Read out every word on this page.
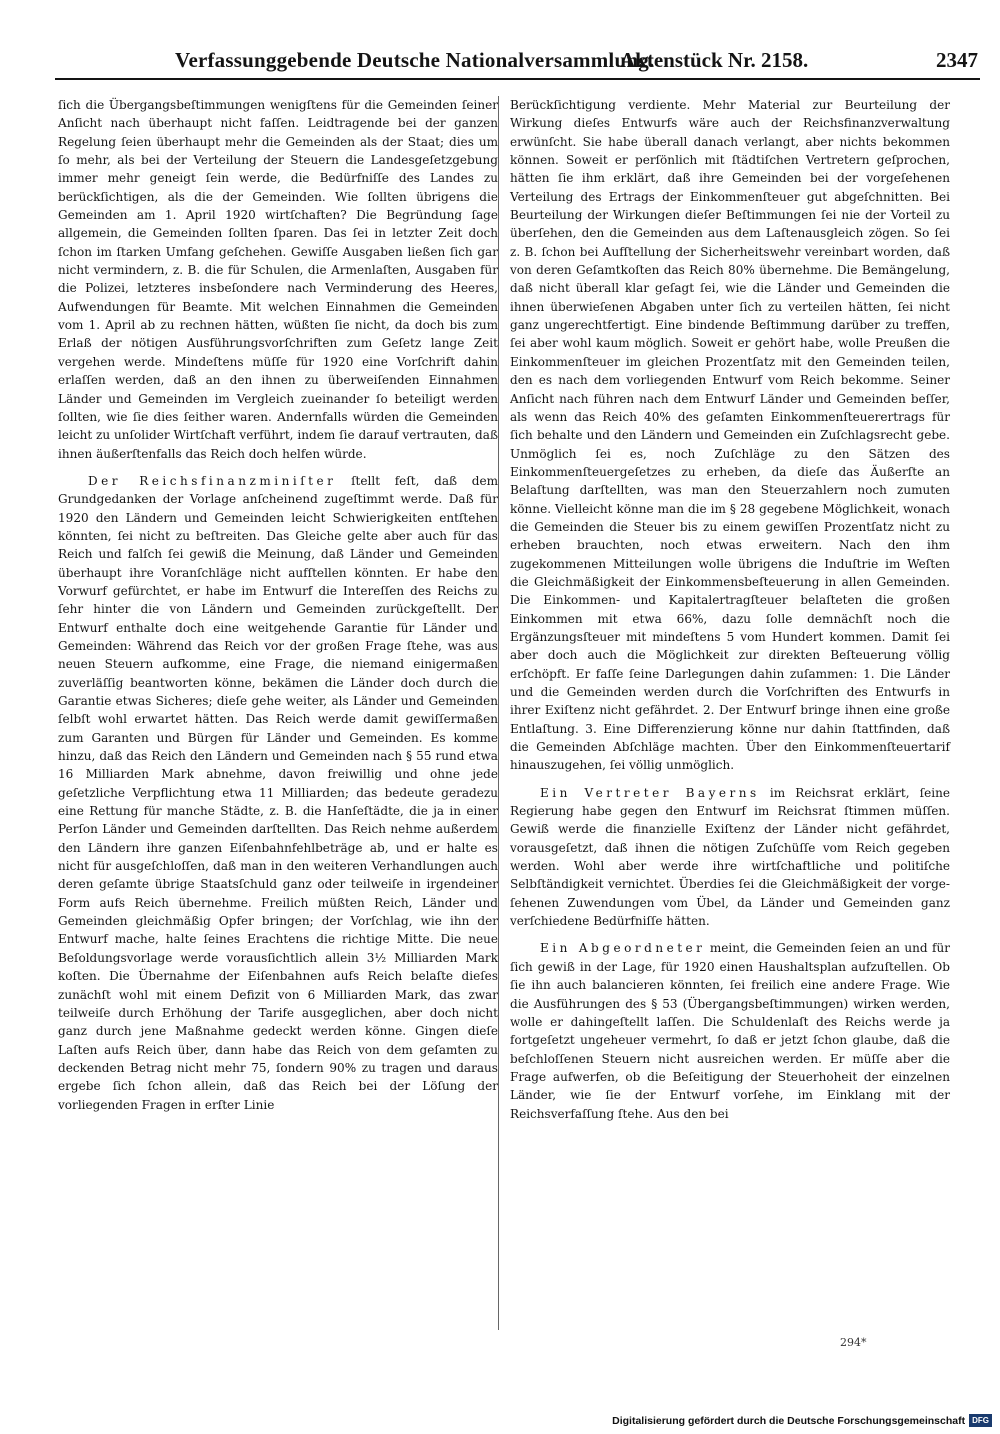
Verfassunggebende Deutsche Nationalversammlung.
Aktenstück Nr. 2158.	2347

ſich die Übergangsbeſtimmungen wenigſtens für die Gemeinden ſeiner Anſicht nach überhaupt nicht faſſen. Leidtragende bei der ganzen Regelung ſeien überhaupt mehr die Gemeinden als der Staat; dies um ſo mehr, als bei der Verteilung der Steuern die Landesgeſetzgebung immer mehr geneigt ſein werde, die Bedürfniſſe des Landes zu berückſichtigen, als die der Gemeinden. Wie ſollten übrigens die Gemeinden am 1. April 1920 wirtſchaften? Die Begründung ſage allgemein, die Gemeinden ſollten ſparen. Das ſei in letzter Zeit doch ſchon im ſtarken Umfang geſchehen. Gewiſſe Ausgaben ließen ſich gar nicht vermindern, z. B. die für Schulen, die Armenlaſten, Ausgaben für die Polizei, letzteres insbeſondere nach Verminderung des Heeres, Aufwendungen für Beamte. Mit welchen Einnahmen die Gemeinden vom 1. April ab zu rechnen hätten, wüßten ſie nicht, da doch bis zum Erlaß der nötigen Ausführungsvorſchriften zum Geſetz lange Zeit vergehen werde. Mindeſtens müſſe für 1920 eine Vorſchrift dahin erlaſſen werden, daß an den ihnen zu überweiſenden Einnahmen Länder und Gemeinden im Vergleich zueinander ſo beteiligt werden ſollten, wie ſie dies ſeither waren. Andernfalls würden die Gemeinden leicht zu unſolider Wirtſchaft verführt, indem ſie darauf vertrauten, daß ihnen äußerſtenfalls das Reich doch helfen würde.

Der Reichsfinanzminiſter ſtellt feſt, daß dem Grundgedanken der Vorlage anſcheinend zugeſtimmt werde. Daß für 1920 den Ländern und Gemeinden leicht Schwierigkeiten entſtehen könnten, ſei nicht zu beſtreiten. Das Gleiche gelte aber auch für das Reich und falſch ſei gewiß die Meinung, daß Länder und Gemeinden überhaupt ihre Voranſchläge nicht aufſtellen könnten. Er habe den Vorwurf gefürchtet, er habe im Entwurf die Intereſſen des Reichs zu ſehr hinter die von Ländern und Gemeinden zurückgeſtellt. Der Entwurf enthalte doch eine weitgehende Garantie für Länder und Gemeinden: Während das Reich vor der großen Frage ſtehe, was aus neuen Steuern aufkomme, eine Frage, die niemand einigermaßen zuverläſſig beantworten könne, bekämen die Länder doch durch die Garantie etwas Sicheres; dieſe gehe weiter, als Länder und Gemeinden ſelbſt wohl erwartet hätten. Das Reich werde damit gewiſſermaßen zum Garanten und Bürgen für Länder und Gemeinden. Es komme hinzu, daß das Reich den Ländern und Gemeinden nach § 55 rund etwa 16 Milliarden Mark abnehme, davon freiwillig und ohne jede geſetzliche Verpflichtung etwa 11 Milliarden; das bedeute geradezu eine Rettung für manche Städte, z. B. die Hanſeſtädte, die ja in einer Perſon Länder und Gemeinden darſtellten. Das Reich nehme außerdem den Ländern ihre ganzen Eiſenbahnfehlbeträge ab, und er halte es nicht für ausgeſchloſſen, daß man in den weiteren Verhandlungen auch deren geſamte übrige Staatsſchuld ganz oder teilweiſe in irgendeiner Form aufs Reich übernehme. Freilich müßten Reich, Länder und Gemeinden gleichmäßig Opfer bringen; der Vorſchlag, wie ihn der Entwurf mache, halte ſeines Erachtens die richtige Mitte. Die neue Beſoldungsvorlage werde vorausſichtlich allein 3½ Milliarden Mark koſten. Die Übernahme der Eiſenbahnen aufs Reich belaſte dieſes zunächſt wohl mit einem Defizit von 6 Milliarden Mark, das zwar teilweiſe durch Erhöhung der Tarife ausgeglichen, aber doch nicht ganz durch jene Maßnahme gedeckt werden könne. Gingen dieſe Laſten aufs Reich über, dann habe das Reich von dem geſamten zu deckenden Betrag nicht mehr 75, ſondern 90% zu tragen und daraus ergebe ſich ſchon allein, daß das Reich bei der Löſung der vorliegenden Fragen in erſter Linie

Berückſichtigung verdiente. Mehr Material zur Beurteilung der Wirkung dieſes Entwurfs wäre auch der Reichsfinanzverwaltung erwünſcht. Sie habe überall danach verlangt, aber nichts bekommen können. Soweit er perſönlich mit ſtädtiſchen Vertretern geſprochen, hätten ſie ihm erklärt, daß ihre Gemeinden bei der vorgeſehenen Verteilung des Ertrags der Einkommenſteuer gut abgeſchnitten. Bei Beurteilung der Wirkungen dieſer Beſtimmungen ſei nie der Vorteil zu überſehen, den die Gemeinden aus dem Laſtenausgleich zögen. So ſei z. B. ſchon bei Aufſtellung der Sicherheitswehr vereinbart worden, daß von deren Geſamtkoſten das Reich 80% übernehme. Die Bemängelung, daß nicht überall klar geſagt ſei, wie die Länder und Gemeinden die ihnen überwieſenen Abgaben unter ſich zu verteilen hätten, ſei nicht ganz ungerechtfertigt. Eine bindende Beſtimmung darüber zu treffen, ſei aber wohl kaum möglich. Soweit er gehört habe, wolle Preußen die Einkommenſteuer im gleichen Prozentſatz mit den Gemeinden teilen, den es nach dem vorliegenden Entwurf vom Reich bekomme. Seiner Anſicht nach führen nach dem Entwurf Länder und Gemeinden beſſer, als wenn das Reich 40% des geſamten Einkommenſteuerertrags für ſich behalte und den Ländern und Gemeinden ein Zuſchlagsrecht gebe. Unmöglich ſei es, noch Zuſchläge zu den Sätzen des Einkommenſteuergeſetzes zu erheben, da dieſe das Äußerſte an Belaſtung darſtellten, was man den Steuerzahlern noch zumuten könne. Vielleicht könne man die im § 28 gegebene Möglichkeit, wonach die Gemeinden die Steuer bis zu einem gewiſſen Prozentſatz nicht zu erheben brauchten, noch etwas erweitern. Nach den ihm zugekommenen Mitteilungen wolle übrigens die Induſtrie im Weſten die Gleichmäßigkeit der Einkommensbeſteuerung in allen Gemeinden. Die Einkommen- und Kapitalertragſteuer belaſteten die großen Einkommen mit etwa 66%, dazu ſolle demnächſt noch die Ergänzungsſteuer mit mindeſtens 5 vom Hundert kommen. Damit ſei aber doch auch die Möglichkeit zur direkten Beſteuerung völlig erſchöpft. Er faſſe ſeine Darlegungen dahin zuſammen: 1. Die Länder und die Gemeinden werden durch die Vorſchriften des Entwurfs in ihrer Exiſtenz nicht gefährdet. 2. Der Entwurf bringe ihnen eine große Entlaſtung. 3. Eine Differenzierung könne nur dahin ſtattfinden, daß die Gemeinden Abſchläge machten. Über den Einkommenſteuertarif hinauszugehen, ſei völlig unmöglich.

Ein Vertreter Bayerns im Reichsrat erklärt, ſeine Regierung habe gegen den Entwurf im Reichsrat ſtimmen müſſen. Gewiß werde die finanzielle Exiſtenz der Länder nicht gefährdet, vorausgeſetzt, daß ihnen die nötigen Zuſchüſſe vom Reich gegeben werden. Wohl aber werde ihre wirtſchaftliche und politiſche Selbſtändigkeit vernichtet. Überdies ſei die Gleichmäßigkeit der vorgeſehenen Zuwendungen vom Übel, da Länder und Gemeinden ganz verſchiedene Bedürfniſſe hätten.

Ein Abgeordneter meint, die Gemeinden ſeien an und für ſich gewiß in der Lage, für 1920 einen Haushaltsplan aufzuſtellen. Ob ſie ihn auch balancieren könnten, ſei freilich eine andere Frage. Wie die Ausführungen des § 53 (Übergangsbeſtimmungen) wirken werden, wolle er dahingeſtellt laſſen. Die Schuldenlaſt des Reichs werde ja fortgeſetzt ungeheuer vermehrt, ſo daß er jetzt ſchon glaube, daß die beſchloſſenen Steuern nicht ausreichen werden. Er müſſe aber die Frage aufwerfen, ob die Beſeitigung der Steuerhoheit der einzelnen Länder, wie ſie der Entwurf vorſehe, im Einklang mit der Reichsverfaſſung ſtehe. Aus den bei

294*
Digitalisierung gefördert durch die Deutsche Forschungsgemeinschaft DFG
